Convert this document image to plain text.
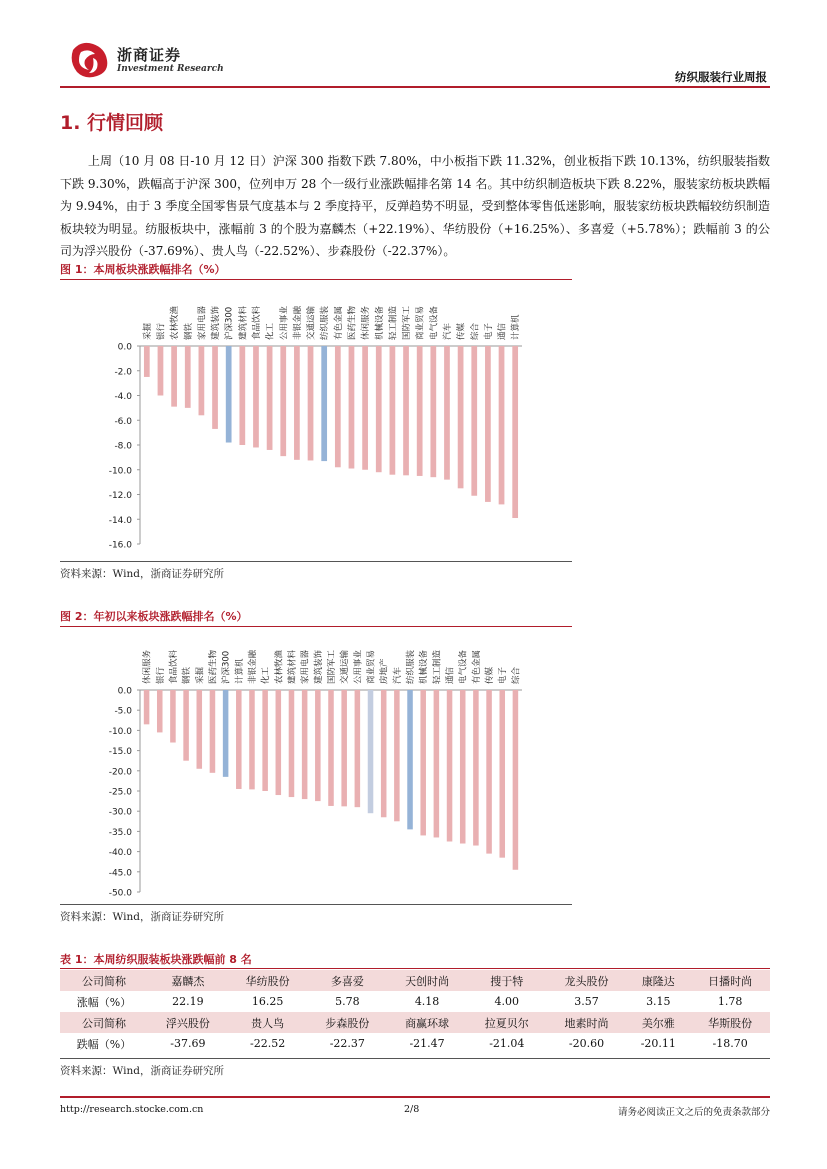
浙商证券
Investment Research
纺织服装行业周报
1. 行情回顾
上周（10 月 08 日-10 月 12 日）沪深 300 指数下跌 7.80%，中小板指下跌 11.32%，创业板指下跌 10.13%，纺织服装指数下跌 9.30%，跌幅高于沪深 300，位列申万 28 个一级行业涨跌幅排名第 14 名。其中纺织制造板块下跌 8.22%，服装家纺板块跌幅为 9.94%，由于 3 季度全国零售景气度基本与 2 季度持平，反弹趋势不明显，受到整体零售低迷影响，服装家纺板块跌幅较纺织制造板块较为明显。纺服板块中，涨幅前 3 的个股为嘉麟杰（+22.19%）、华纺股份（+16.25%）、多喜爱（+5.78%）；跌幅前 3 的公司为浮兴股份（-37.69%）、贵人鸟（-22.52%）、步森股份（-22.37%）。
图 1：本周板块涨跌幅排名（%）
0.0
-2.0
-4.0
-6.0
-8.0
-10.0
-12.0
-14.0
-16.0
采掘 银行 农林牧渔 钢铁 家用电器 建筑装饰 沪深300 建筑材料 食品饮料 化工 公用事业 非银金融 交通运输 纺织服装 有色金属 医药生物 休闲服务 机械设备 轻工制造 国防军工 商业贸易 电气设备 汽车 传媒 综合 电子 通信 计算机
资料来源：Wind，浙商证券研究所
图 2：年初以来板块涨跌幅排名（%）
0.0
-5.0
-10.0
-15.0
-20.0
-25.0
-30.0
-35.0
-40.0
-45.0
-50.0
休闲服务 银行 食品饮料 钢铁 采掘 医药生物 沪深300 计算机 非银金融 化工 农林牧渔 建筑材料 家用电器 建筑装饰 国防军工 交通运输 公用事业 商业贸易 房地产 汽车 纺织服装 机械设备 轻工制造 通信 电气设备 有色金属 传媒 电子 综合
资料来源：Wind，浙商证券研究所
表 1：本周纺织服装板块涨跌幅前 8 名
公司简称	嘉麟杰	华纺股份	多喜爱	天创时尚	搜于特	龙头股份	康隆达	日播时尚
涨幅（%）	22.19	16.25	5.78	4.18	4.00	3.57	3.15	1.78
公司简称	浮兴股份	贵人鸟	步森股份	商赢环球	拉夏贝尔	地素时尚	美尔雅	华斯股份
跌幅（%）	-37.69	-22.52	-22.37	-21.47	-21.04	-20.60	-20.11	-18.70
资料来源：Wind，浙商证券研究所
http://research.stocke.com.cn	2/8	请务必阅读正文之后的免责条款部分
